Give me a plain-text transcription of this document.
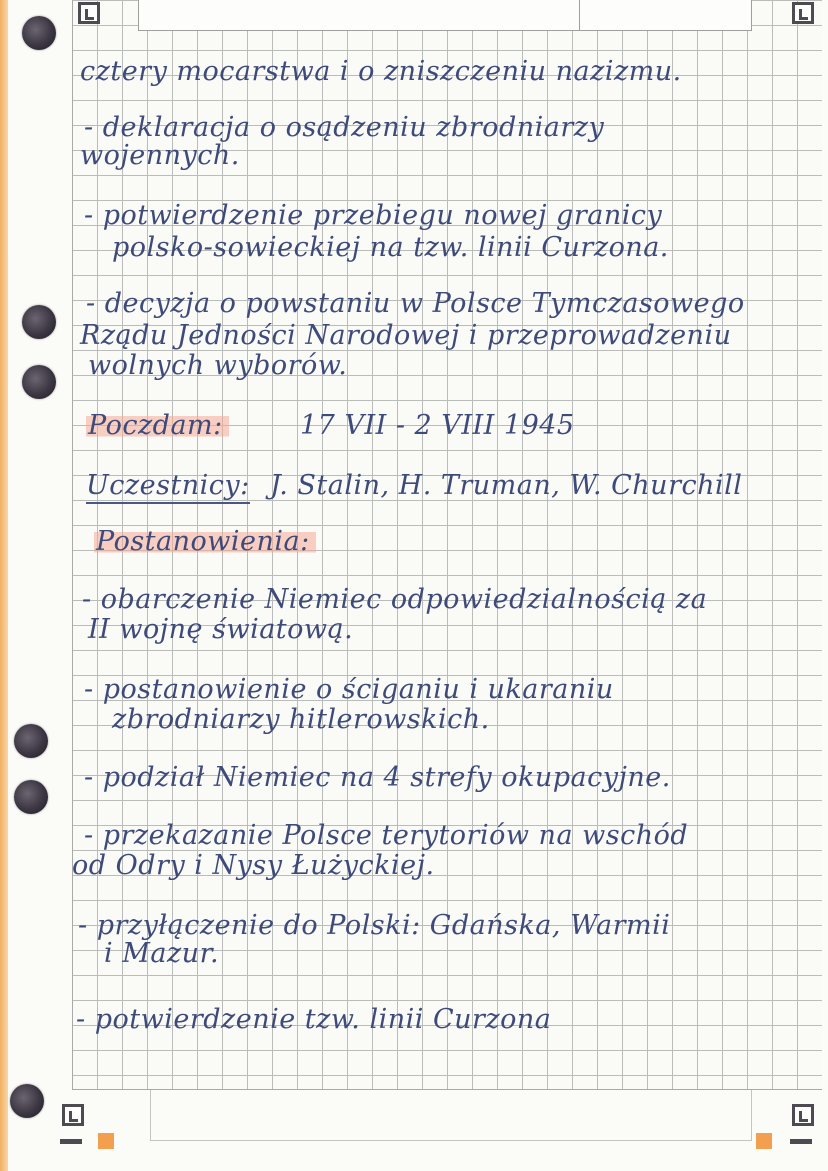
cztery mocarstwa i o zniszczeniu nazizmu.
- deklaracja o osądzeniu zbrodniarzy
wojennych.
- potwierdzenie przebiegu nowej granicy
polsko-sowieckiej na tzw. linii Curzona.
- decyzja o powstaniu w Polsce Tymczasowego
Rządu Jedności Narodowej i przeprowadzeniu
wolnych wyborów.
Poczdam:	17 VII - 2 VIII 1945
Uczestnicy: J. Stalin, H. Truman, W. Churchill
Postanowienia:
- obarczenie Niemiec odpowiedzialnością za
II wojnę światową.
- postanowienie o ściganiu i ukaraniu
zbrodniarzy hitlerowskich.
- podział Niemiec na 4 strefy okupacyjne.
- przekazanie Polsce terytoriów na wschód
od Odry i Nysy Łużyckiej.
- przyłączenie do Polski: Gdańska, Warmii
i Mazur.
- potwierdzenie tzw. linii Curzona
